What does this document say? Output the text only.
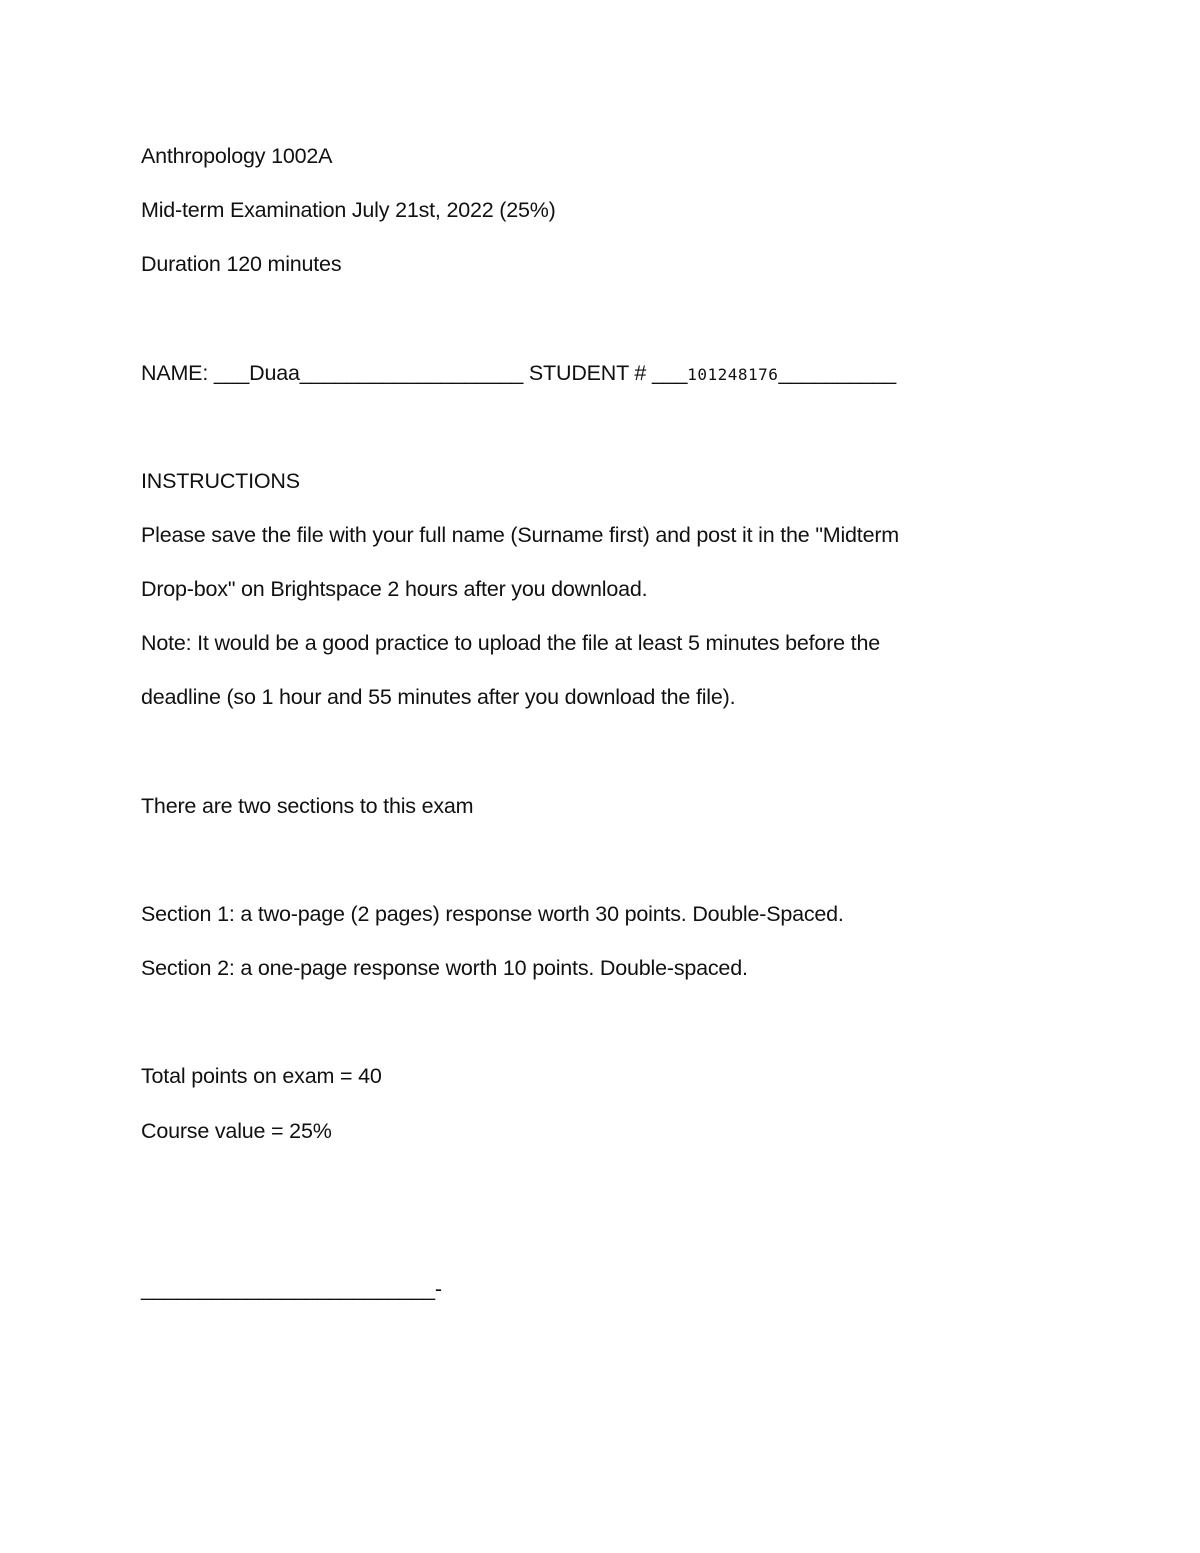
Anthropology 1002A
Mid-term Examination July 21st, 2022 (25%)
Duration 120 minutes
NAME: ___Duaa___________________ STUDENT # ___101248176__________
INSTRUCTIONS
Please save the file with your full name (Surname first) and post it in the "Midterm
Drop-box" on Brightspace 2 hours after you download.
Note: It would be a good practice to upload the file at least 5 minutes before the
deadline (so 1 hour and 55 minutes after you download the file).
There are two sections to this exam
Section 1: a two-page (2 pages) response worth 30 points. Double-Spaced.
Section 2: a one-page response worth 10 points. Double-spaced.
Total points on exam = 40
Course value = 25%
_________________________-
